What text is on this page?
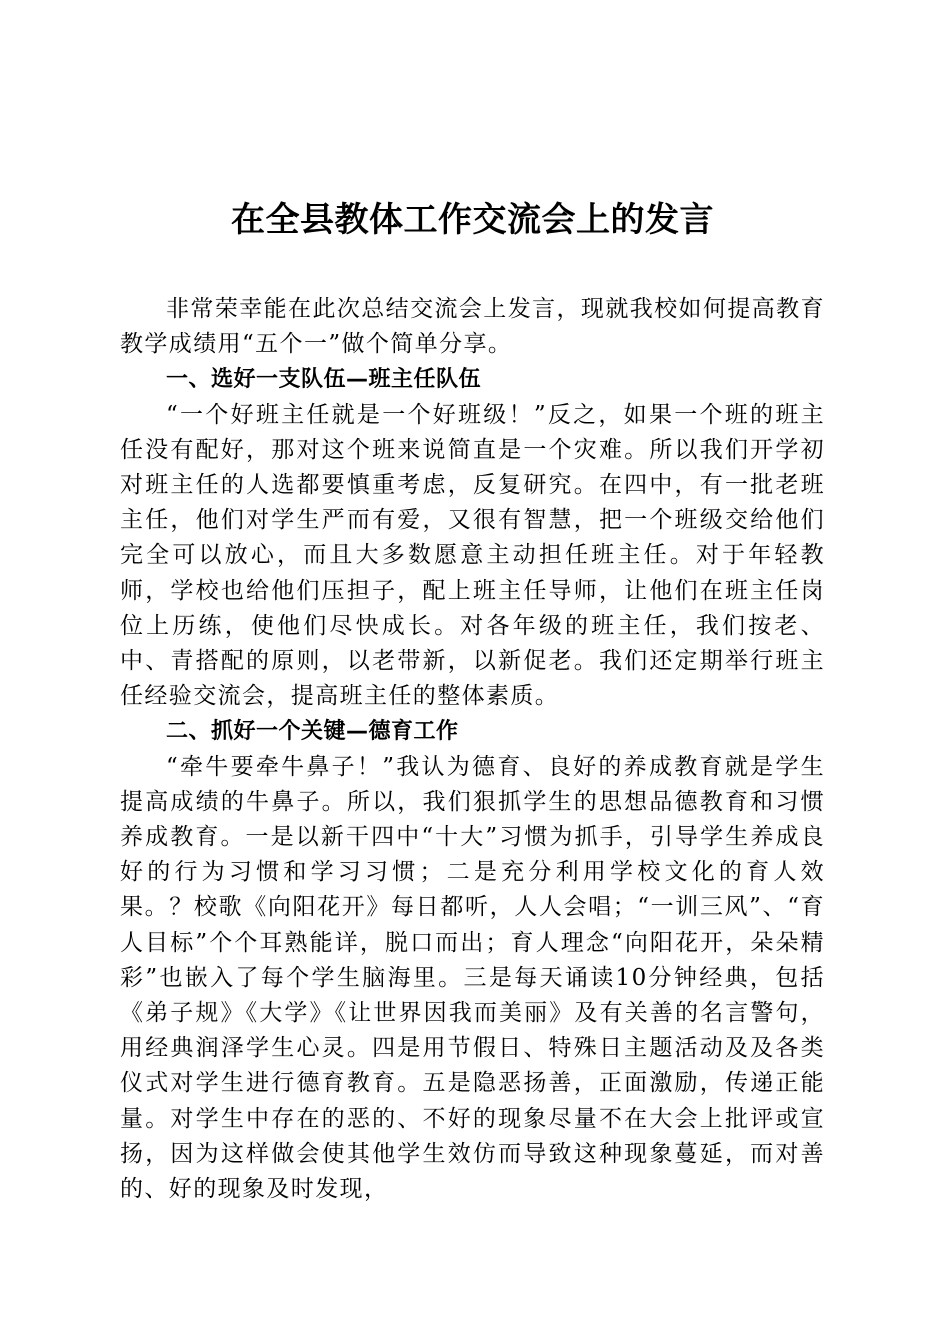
在全县教体工作交流会上的发言

非常荣幸能在此次总结交流会上发言，现就我校如何提高教育教学成绩用“五个一”做个简单分享。

一、选好一支队伍—班主任队伍

“一个好班主任就是一个好班级！”反之，如果一个班的班主任没有配好，那对这个班来说简直是一个灾难。所以我们开学初对班主任的人选都要慎重考虑，反复研究。在四中，有一批老班主任，他们对学生严而有爱，又很有智慧，把一个班级交给他们完全可以放心，而且大多数愿意主动担任班主任。对于年轻教师，学校也给他们压担子，配上班主任导师，让他们在班主任岗位上历练，使他们尽快成长。对各年级的班主任，我们按老、中、青搭配的原则，以老带新，以新促老。我们还定期举行班主任经验交流会，提高班主任的整体素质。

二、抓好一个关键—德育工作

“牵牛要牵牛鼻子！”我认为德育、良好的养成教育就是学生提高成绩的牛鼻子。所以，我们狠抓学生的思想品德教育和习惯养成教育。一是以新干四中“十大”习惯为抓手，引导学生养成良好的行为习惯和学习习惯；二是充分利用学校文化的育人效果。？校歌《向阳花开》每日都听，人人会唱；“一训三风”、“育人目标”个个耳熟能详，脱口而出；育人理念“向阳花开，朵朵精彩”也嵌入了每个学生脑海里。三是每天诵读10分钟经典，包括《弟子规》《大学》《让世界因我而美丽》及有关善的名言警句，用经典润泽学生心灵。四是用节假日、特殊日主题活动及及各类仪式对学生进行德育教育。五是隐恶扬善，正面激励，传递正能量。对学生中存在的恶的、不好的现象尽量不在大会上批评或宣扬，因为这样做会使其他学生效仿而导致这种现象蔓延，而对善的、好的现象及时发现，
